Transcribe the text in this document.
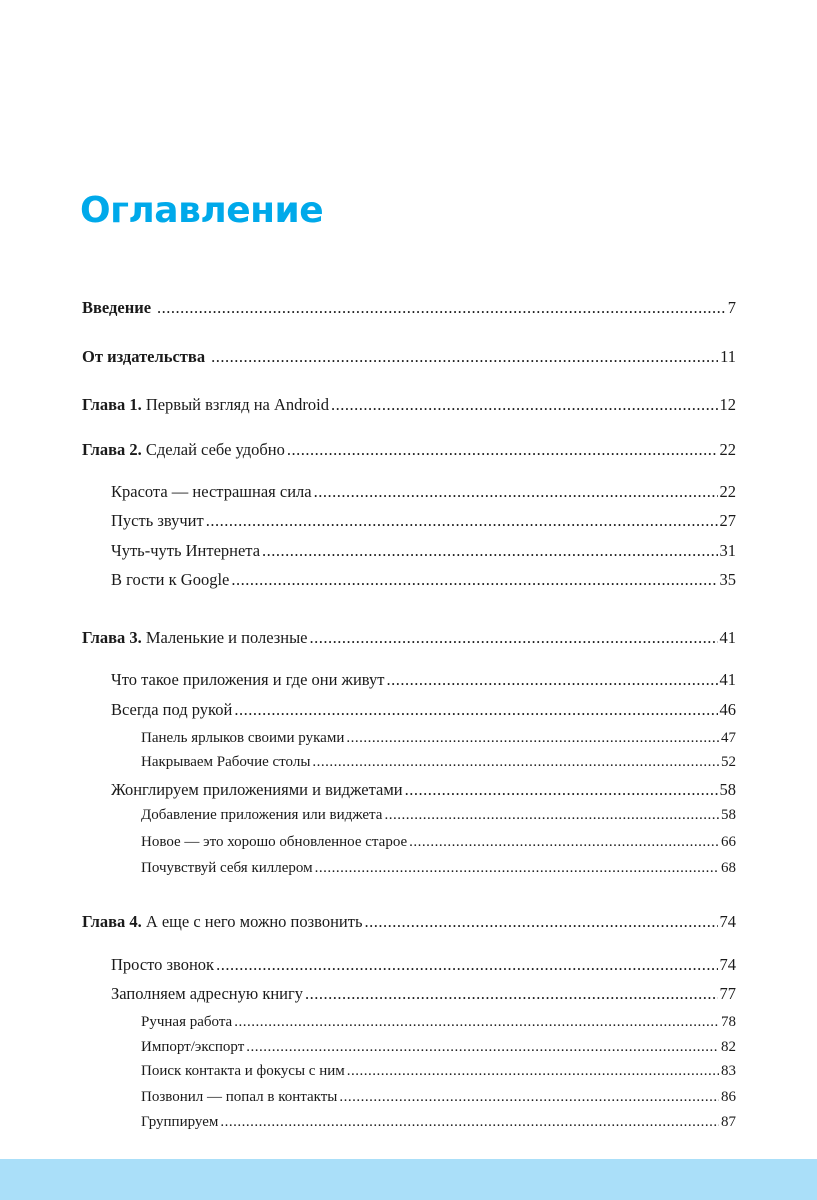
Оглавление
Введение .....	7
От издательства .....	11
Глава 1. Первый взгляд на Android .....	12
Глава 2. Сделай себе удобно .....	22
Красота — нестрашная сила .....	22
Пусть звучит .....	27
Чуть-чуть Интернета .....	31
В гости к Google .....	35
Глава 3. Маленькие и полезные .....	41
Что такое приложения и где они живут .....	41
Всегда под рукой .....	46
Панель ярлыков своими руками .....	47
Накрываем Рабочие столы .....	52
Жонглируем приложениями и виджетами .....	58
Добавление приложения или виджета .....	58
Новое — это хорошо обновленное старое .....	66
Почувствуй себя киллером .....	68
Глава 4. А еще с него можно позвонить .....	74
Просто звонок .....	74
Заполняем адресную книгу .....	77
Ручная работа .....	78
Импорт/экспорт .....	82
Поиск контакта и фокусы с ним .....	83
Позвонил — попал в контакты .....	86
Группируем .....	87
